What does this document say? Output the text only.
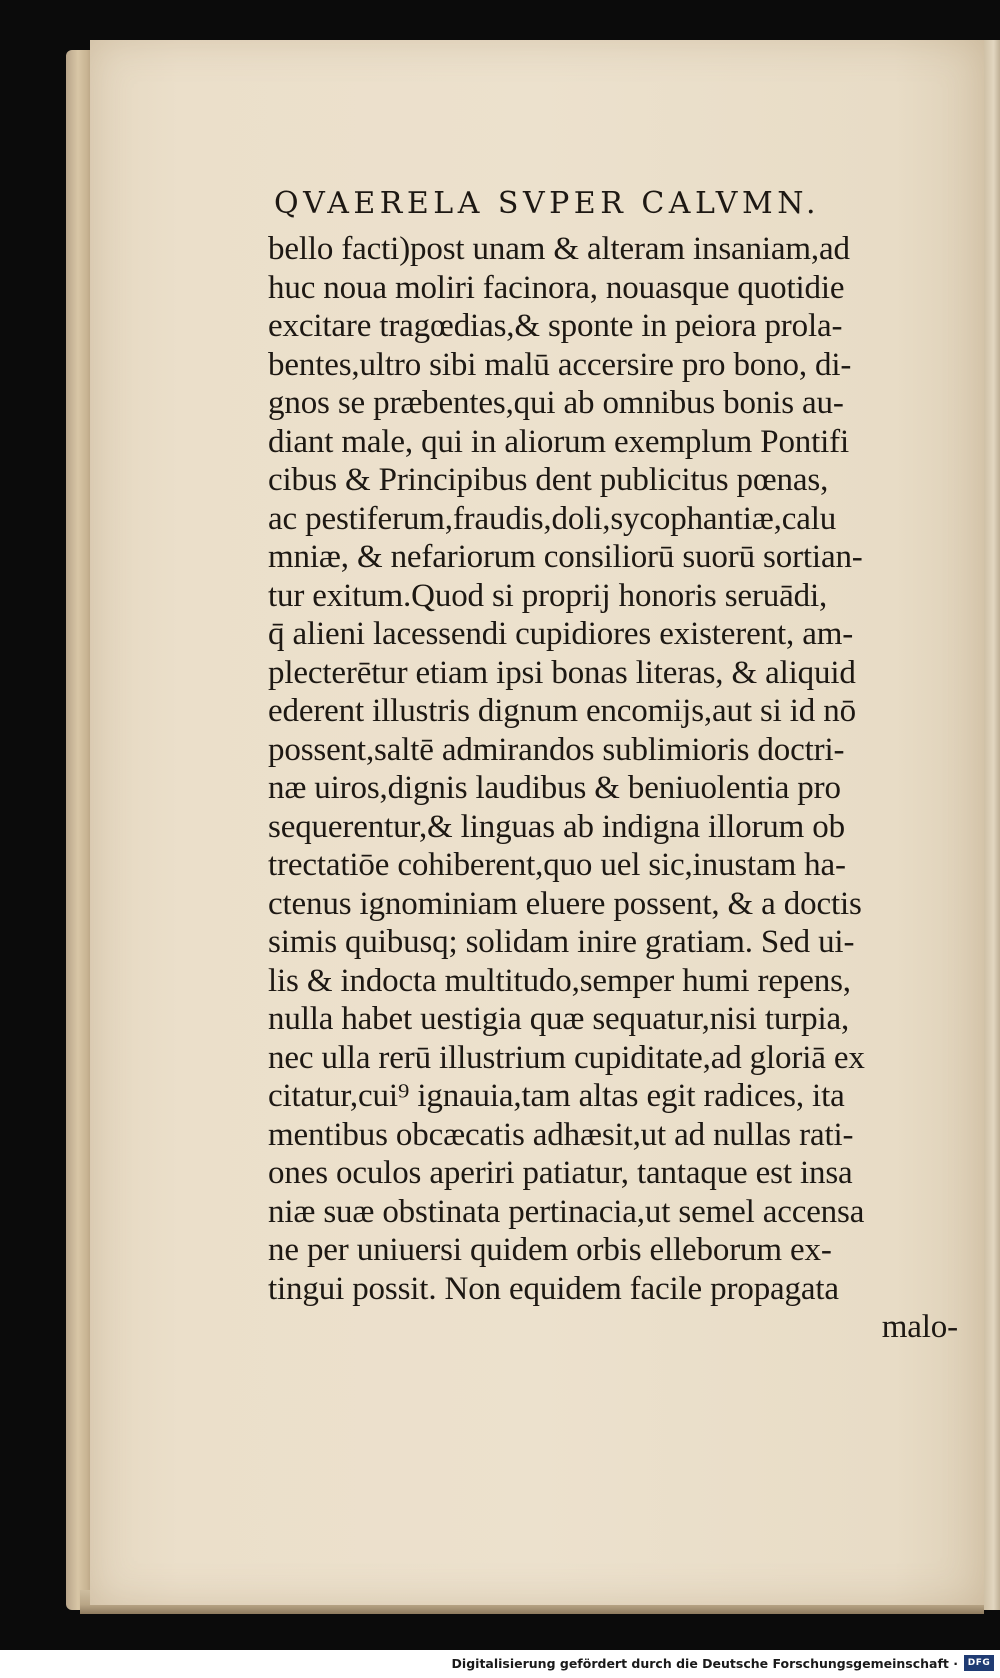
QVAERELA SVPER CALVMN.
bello facti)post unam & alteram insaniam,ad
huc noua moliri facinora, nouasque quotidie
excitare tragœdias,& sponte in peiora prola-
bentes,ultro sibi malū accersire pro bono, di-
gnos se præbentes,qui ab omnibus bonis au-
diant male, qui in aliorum exemplum Pontifi
cibus & Principibus dent publicitus pœnas,
ac pestiferum,fraudis,doli,sycophantiæ,calu
mniæ, & nefariorum consiliorū suorū sortian-
tur exitum.Quod si proprij honoris seruādi,
q̄ alieni lacessendi cupidiores existerent, am-
plecterētur etiam ipsi bonas literas, & aliquid
ederent illustris dignum encomijs,aut si id nō
possent,saltē admirandos sublimioris doctri-
næ uiros,dignis laudibus & beniuolentia pro
sequerentur,& linguas ab indigna illorum ob
trectatiōe cohiberent,quo uel sic,inustam ha-
ctenus ignominiam eluere possent, & a doctis
simis quibusq; solidam inire gratiam. Sed ui-
lis & indocta multitudo,semper humi repens,
nulla habet uestigia quæ sequatur,nisi turpia,
nec ulla rerū illustrium cupiditate,ad gloriā ex
citatur,cui⁹ ignauia,tam altas egit radices, ita
mentibus obcæcatis adhæsit,ut ad nullas rati-
ones oculos aperiri patiatur, tantaque est insa
niæ suæ obstinata pertinacia,ut semel accensa
ne per uniuersi quidem orbis elleborum ex-
tingui possit. Non equidem facile propagata
malo-
Digitalisierung gefördert durch die Deutsche Forschungsgemeinschaft ·	DFG
